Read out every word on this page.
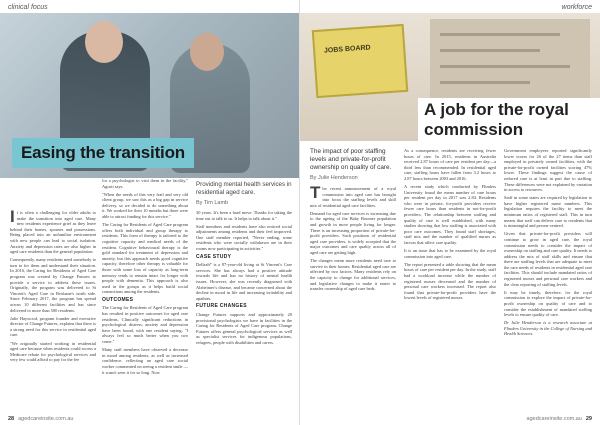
clinical focus
Easing the transition
Providing mental health services in residential aged care.
By Tim Lamb

It is often a challenging for older adults to make the transition into aged care. Many new residents experience grief as they leave behind their homes, spouses and possessions. Being placed into an unfamiliar environment with new people can lead to social isolation. Anxiety and depression rates are also higher in aged care residents than the general population.

Consequently, many residents need somebody to turn to for them and understand their situation. In 2016, the Caring for Residents of Aged Care program was created by Change Futures to provide a service to address these issues. Originally, the program was delivered to St Vincent's Aged Care in Brisbane's north side. Since February 2017, the program has spread across 10 different facilities and has since delivered to more than 500 residents.

Julie Haywood, program founder and executive director of Change Futures, explains that there is a strong need for this service in residential aged care.

"We originally started working in residential aged care because when residents could access a Medicare rebate for psychological services and very few could afford to pay for the fee

for a psychologist to visit them in the facility," Agosti says.

"When the needs of this very frail and very old client group, we saw this as a big gap in service delivery, so we decided to do something about it. We worked for their 10 months but there were able to attract funding for this service."

The Caring for Residents of Aged Care program offers both individual and group therapy to residents. This form of therapy is tailored to the cognitive capacity and medical needs of the resident. Cognitive behavioural therapy is the gold standard for treatment of depression and anxiety, but this approach needs good cognitive capacity, therefore other therapy is valuable for those with some loss of capacity as long-term memory tends to remain intact for longer with people with dementia. This approach is also used in the groups as it helps build social connections among the residents.

OUTCOMES

The Caring for Residents of Aged Care program has resulted in positive outcomes for aged care residents. Clinically significant reductions in psychological distress, anxiety and depression have been found, with one resident saying, "I always feel so much better when you two come."

Many staff members have observed a decrease in mood among residents, as well as increased confidence, reflecting an aged care social worker commented on seeing a resident smile — it wasn't seen it for so long. Now

30 years. It's been a hard move. Thanks for taking the time out to talk to us. It helps to talk about it."

Staff members and residents have also noticed social adjustments among residents and their feel improved. One staff member reported, "Never ending, some residents who were socially withdrawn are in their rooms now participating in activities."

CASE STUDY

Dellzah* is a 87-year-old living at St Vincent's Care services. She has always had a positive attitude towards life and has no history of mental health issues. However, she was recently diagnosed with Alzheimer's disease, and became concerned about the decline in mood in life and increasing irritability and apathies.

FUTURE CHANGES

Change Futures supports and approximately 20 provisional psychologists we have in facilities in the Caring for Residents of Aged Care program. Change Futures offers general psychological services as well as specialist services for indigenous populations, refugees, people with disabilities and carers.

28 agedcareinsite.com.au
workforce
JOBS BOARD
A job for the royal commission
The impact of poor staffing levels and private-for-profit ownership on quality of care.
By Julie Henderson

The recent announcement of a royal commission into aged care has brought into focus the staffing levels and skill mix of residential aged care facilities.

Demand for aged care services is increasing due to the ageing of the Baby Boomer population and growth in more people living for longer. There is an increasing proportion of private-for-profit providers. Such positions of residential aged care providers, is widely accepted that the major outcomes and care quality across all of aged care are getting high.

The changes mean more residents need care to survive in their homes. Residential aged care are affected by two factors. Many residents rely on the capacity to change for additional services, and legislative changes to make it easier to transfer ownership of aged care beds.

As a consequence, residents are receiving fewer hours of care. In 2015, residents in Australia received 2.87 hours of care per resident per day—a third less than recommended. In residential aged care, staffing hours have fallen from 3.2 hours to 2.87 hours between 2003 and 2016.

A recent study which conducted by Flinders University found the mean number of care hours per resident per day in 2017 was 2.84. Residents who were in private, for-profit providers receive fewer care hours than residents in not-for-profit providers. The relationship between staffing and quality of care is well established, with many studies showing that low staffing is associated with poor care outcomes. They found staff shortages, staff mix and the number of qualified nurses as factors that affect care quality.

It is an issue that has to be examined by the royal commission into aged care.

The report presented a table showing that the mean hours of care per resident per day. In the study, staff had a workload increase while the number of registered nurses decreased and the number of personal care workers increased. The report also found that private-for-profit providers have the lowest levels of registered nurses.

Government employees reported significantly lower scores for 26 of the 27 items than staff employed in privately owned facilities, with the private-for-profit owned facilities scoring 47% lower. These findings suggest the cause of reduced care is at least in part due to staffing. These differences were not explained by variation in access to resources.

Staff in some states are required by legislation to have higher registered nurse numbers. This legislation requires the facility to meet the minimum ratios of registered staff. This in turn means that staff can deliver care to residents that is meaningful and person-centred.

Given that private-for-profit providers will continue to grow in aged care, the royal commission needs to consider the impact of ownership on staffing and care quality. It needs to address the mix of staff skills and ensure that there are staffing levels that are adequate to meet the care needs of residents in residential aged care facilities. This should include mandated ratios of registered nurses and personal care workers and the clear reporting of staffing levels.

It may be timely, therefore, for the royal commission to explore the impact of private-for-profit ownership on quality of care and to consider the establishment of mandated staffing levels to ensure quality of care.

Dr Julie Henderson is a research associate at Flinders University in the College of Nursing and Health Sciences.

agedcareinsite.com.au 29
